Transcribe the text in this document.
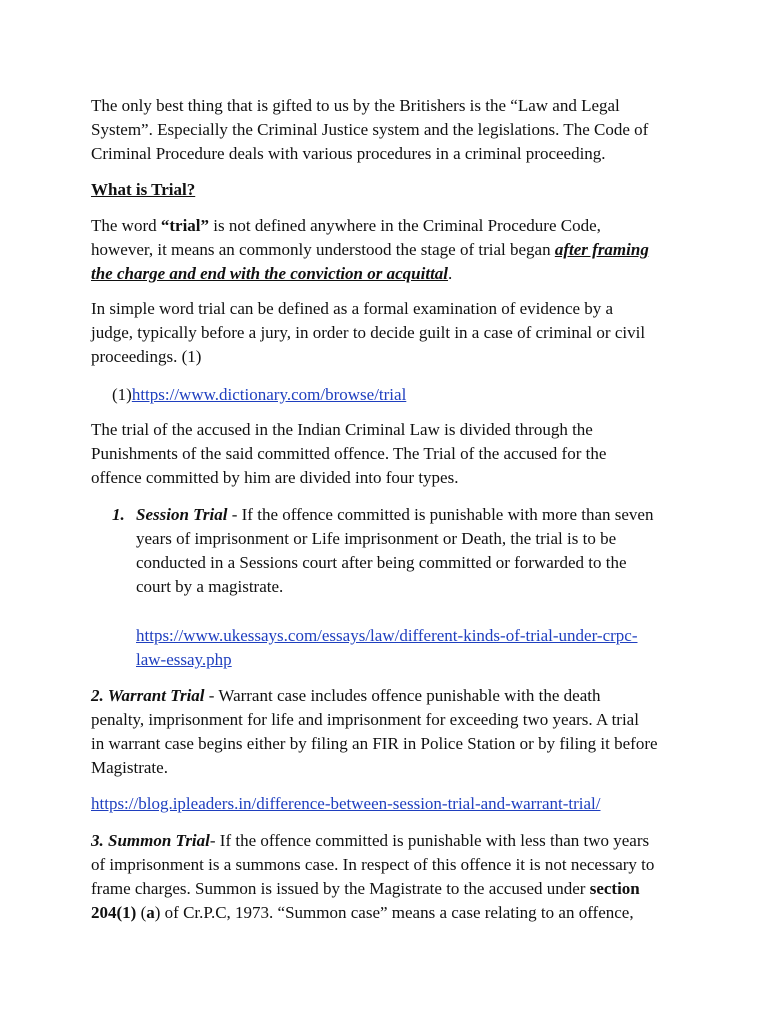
The only best thing that is gifted to us by the Britishers is the “Law and Legal
System”. Especially the Criminal Justice system and the legislations. The Code of
Criminal Procedure deals with various procedures in a criminal proceeding.

What is Trial?

The word “trial” is not defined anywhere in the Criminal Procedure Code,
however, it means an commonly understood the stage of trial began after framing
the charge and end with the conviction or acquittal.

In simple word trial can be defined as a formal examination of evidence by a
judge, typically before a jury, in order to decide guilt in a case of criminal or civil
proceedings. (1)

(1)https://www.dictionary.com/browse/trial

The trial of the accused in the Indian Criminal Law is divided through the
Punishments of the said committed offence. The Trial of the accused for the
offence committed by him are divided into four types.

1. Session Trial - If the offence committed is punishable with more than seven
years of imprisonment or Life imprisonment or Death, the trial is to be
conducted in a Sessions court after being committed or forwarded to the
court by a magistrate.

https://www.ukessays.com/essays/law/different-kinds-of-trial-under-crpc-
law-essay.php

2. Warrant Trial - Warrant case includes offence punishable with the death
penalty, imprisonment for life and imprisonment for exceeding two years. A trial
in warrant case begins either by filing an FIR in Police Station or by filing it before
Magistrate.

https://blog.ipleaders.in/difference-between-session-trial-and-warrant-trial/

3. Summon Trial- If the offence committed is punishable with less than two years
of imprisonment is a summons case. In respect of this offence it is not necessary to
frame charges. Summon is issued by the Magistrate to the accused under section
204(1) (a) of Cr.P.C, 1973. “Summon case” means a case relating to an offence,
